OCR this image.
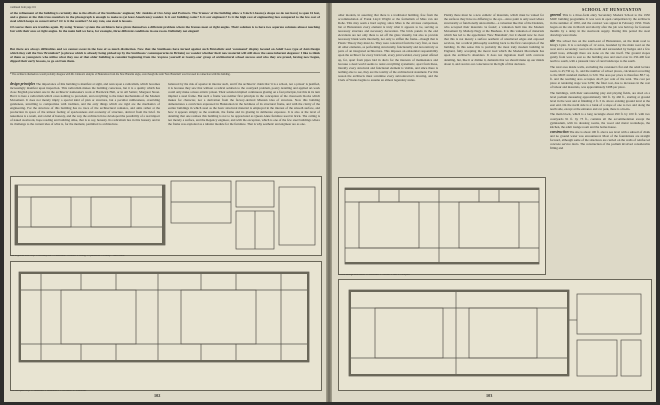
continued from page 161

of the refinement of the building is certainly due to the efforts of the Smithsons' engineer, Mr. Jenkins of Ove Arup and Partners. The 'frames' of the building allow a 9-inch I-beam (a shape we do not have) to span 16 feet, and a glance at the thin truss members in the photograph is enough to make us (at least Americans) wonder. Is it our building codes? Is it our engineers? Is it the high cost of engineering fees compared to the low cost of steel which keeps us conservative? Or is it the weather? At any rate, one steel is lessons.

Of course there are troubles again. By using 'frames' system the architects have given themselves a different problem where the frames meet at right angles. Their solution is to have two separate columns almost touching but with their axes at right angles. In the main hall we have, for example, three different conditions in one room. Definitely not elegant!

But there are always difficulties and we cannot sweat in the face of so much distinction. Now that the Smithsons have turned against such Brutalistic and 'command' display located on Adolf Loos type of Anti-Design which they call the New Brutalism* (a phrase which is already being picked up by the Smithsons' contemporaries in Britain) we wonder whether their new material will still show the same inherent elegance: I like to think of them as youngsters who utilise what they use of that older building to consider beginning from the 'express yourself at twenty-one' grasp of architectural school success and who they are proud, having now begun, dipped their early lessons, to go on from them.
* The architects themselves would probably disagree with Mr. Johnson's analysis of Hunstanton from the New Brutalist angle, even though the term 'New Brutalism' was first used in connection with this building.
design principles The importance of this building is manifest at sight, and rests upon a radicalism, which becomes increasingly manifest upon inspection. This radicalism makes the building conscious, but it is a quality which has close English precedent one in the architects' namesake's work at Hardwick Hall, or in All Saints', Margaret Street. But it is here a radicalism which owes nothing to precedent, and everything to the inner mechanisms of the Modern Movement. It does not merely imply a special kind of plan or structure, but a peculiar ruthlessness, overriding gentleness, unwilling to compromise with tradition, and the only things which are rigid are the mechanics of engineering. For the structure of this building has no trace of the architectural romance, and aims rather at the production in space of the utmost feeling of spaciousness and economy of structure, derived from the brief. Its nakedness is a result, and a kind of honesty, and the way the architects have developed the possibility of a real impact of naked steelwork, hope reading and building alike, that is to say, honesty. Its radicalism lies in this honesty and in its challenge to the current idea of what is, for the moment, permitted to architecture.
balanced by the risk of squalor in interior such, and if the architects' claim that 'it is a school, not a prison' is justified, it is because they saw that without a radical solution to the courtyard problem, poetry detailing and applied art-work could only make a more artistic prison. Their solution implied continuous glazing on a fast principle, but this in its turn implied a steel frame. But such a frame was neither first principle in the conception of the classroom blocks which makes for character, nor a derivation from the factory-derived Miesian idea of structure. Now this building demonstrates a conviction expressed in Hunstanton in the boldness of its structural frame, and with the clarity of the earlier buildings in which steel as the basic structural material is employed in the interest of the smooth surface, and how it appears simply as the resultant, the frame and its glazing in deliberate exposure. It is also at the level of detailing that one realises this building is not to be appreciated as Queen Anne furniture used in brick. The ceiling is not merely a surface, and the Regency engineer, and with the exception, which is one of the few steel buildings where the frame was exploited as a tubular module for the furniture. That is why aesthetic and engineer are as one.
Plan of ground floor. Key: 1 Assembly hall. 2 Classrooms. 3 Kitchen. 4 Dining. 5 Gymnasium. 6 Library. 7 Staff rooms.
First floor plan. Key: 1 Classrooms. 2 Laboratories. 3 Art rooms. 4 Cloakrooms.
102
SCHOOL AT HUNSTANTON
other modern, in asserting that there is a traditional building, free from the accommodation of Frank Lloyd Wright or the formalism of Mies van der Rohe. This may seem a hard saying, since Mies is the obvious comparison, but at Hunstanton every element is truly what it appears to be, serving as necessary structure and necessary decoration. The brick panels in the end elevations are not only there to set off the glass visually, but also to provide necessary blank walls internally, not only to stiffen the frame—though that is Plastic Theory they must do. They were conceived from the very first, as trees all other elements, as performing structurally, functionally and decoratively as parts of an integrated architecture. This imposes an existential responsibility upon the architect for every brick laid, every joint welded, every panel offered up, for, apart from pipes laid in ducts for the interests of maintenance and because a dead world seems to resist everything systematic, apart from these, literally every structural and functional element is visible, and since there is nothing else to see, they are the totality of the architectural statement. For this reason the architects must scrutinise every subcontractor's drawing, and the Clerk of Works begins to assume an almost legendary status.
Plainly there must be a new esthetic of materials, which must be valued for the surfaces they have no differing to the eye—since paint is only used where structurally or functionally unavoidable—a valuation like that of the Dadaists, who accepted their materials 'as found', a valuation built into the Modern Movement by Moholy-Nagy at the Bauhaus. It is this valuation of materials which has led to the appellation 'New Brutalism', but it should now be clear that this is not merely a surface aesthetic of unrelieved edges and exposed services, but a radical philosophy reaching back to the first conception of the building. In this sense this is probably the most truly modern building in England, fully accepting the moral load which the Modern Movement has upon the architect's shoulders. It does not ingratiate itself with concrete detailing, but, like it or dislike it, demands that we should make up our minds about it, and receive our conscience in the light of that decision.

general This is a three-form entry Secondary Modern School to the 1950 MOE building programme. It was won in open competition by the architects in the summer of 1950, and the contract was signed in February 1950. Work began on the site in March and shortly after the job was held up for fourteen months by a delay in the steelwork supply. During this period the steel drawings were made.

site The school lies on the south-east of Hunstanton, on the main road to King's Lynn. It is a rectangle of 12 acres, bounded by the main road on the west and a secondary road on the north and surrounded by hedges and a few small trees, although there are none on the site itself. The ground slopes gently from west to east so the building area and steel over its 250-400 feet north to south, with a pleasant view of rural landscape to the south.

The total area inside walls, excluding the caretaker's flat and the adult lecture room, is 45,730 sq. ft., and the number of school places, calculated according to the MOE standard method, is 520. The area per place is therefore 88.7 sq. ft. and the teaching area occupies 42.25 per cent of the total. The cost per place at tendering stage was £239; the final cost, due to increases in the cost of labour and materials, was approximately £288 per place.

The buildings, with their surrounding play and playing fields, are sited on a level podium measuring approximately 340 ft. by 460 ft., starting at ground level in the west and at finishing 2 ft. 3 in. above existing ground level at the east end. On the north side is a bank of a slope of one to two and along the north side, except at the entrance and car park, there is a ha-ha.

The main block, which is a long rectangle about 290 ft. by 100 ft. with two courtyards 91 ft. by 73 ft., contains all the accommodation except the gymnasium, with its dressing rooms, the wood and metal workshops, the kitchen, the adult lounge room and the boiler-house.

construction The site is about 100 ft. above sea level with a subsoil of chalk and no ground water was encountered. Most of the foundations are straight forward, although some of the structures are carried on the walls of reinforced concrete service ducts. The construction of the podium involved considerable filling and

Section through main block: 1 Classrooms. 2 Corridor. 3 Hall. 4 Courtyard.
103
